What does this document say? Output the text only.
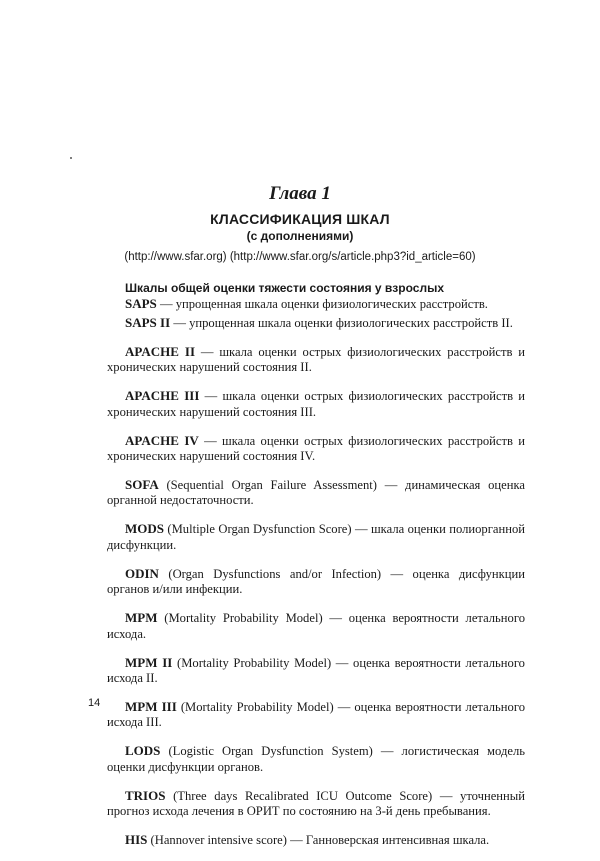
Глава 1
КЛАССИФИКАЦИЯ ШКАЛ
(с дополнениями)
(http://www.sfar.org) (http://www.sfar.org/s/article.php3?id_article=60)
Шкалы общей оценки тяжести состояния у взрослых

SAPS — упрощенная шкала оценки физиологических расстройств.

SAPS II — упрощенная шкала оценки физиологических расстройств II.

APACHE II — шкала оценки острых физиологических расстройств и хронических нарушений состояния II.

APACHE III — шкала оценки острых физиологических расстройств и хронических нарушений состояния III.

APACHE IV — шкала оценки острых физиологических расстройств и хронических нарушений состояния IV.

SOFA (Sequential Organ Failure Assessment) — динамическая оценка органной недостаточности.

MODS (Multiple Organ Dysfunction Score) — шкала оценки полиорганной дисфункции.

ODIN (Organ Dysfunctions and/or Infection) — оценка дисфункции органов и/или инфекции.

MPM (Mortality Probability Model) — оценка вероятности летального исхода.

MPM II (Mortality Probability Model) — оценка вероятности летального исхода II.

MPM III (Mortality Probability Model) — оценка вероятности летального исхода III.

LODS (Logistic Organ Dysfunction System) — логистическая модель оценки дисфункции органов.

TRIOS (Three days Recalibrated ICU Outcome Score) — уточненный прогноз исхода лечения в ОРИТ по состоянию на 3-й день пребывания.

HIS (Hannover intensive score) — Ганноверская интенсивная шкала.

14
